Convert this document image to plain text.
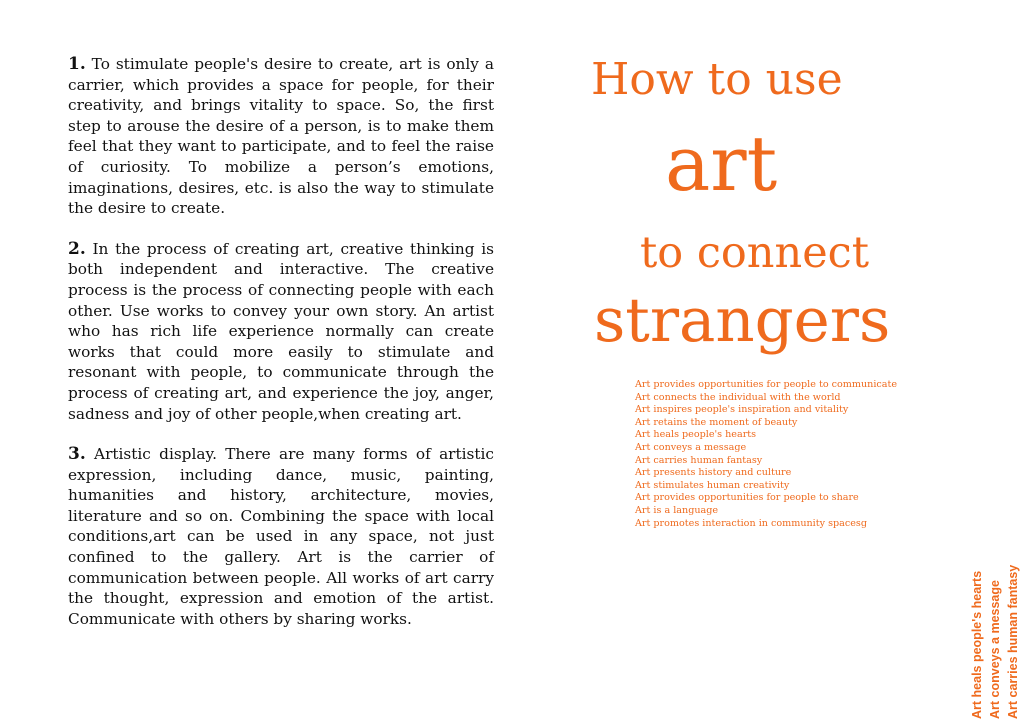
1. To stimulate people's desire to create, art is only a carrier, which provides a space for people, for their creativity, and brings vitality to space. So, the first step to arouse the desire of a person, is to make them feel that they want to participate, and to feel the raise of curiosity. To mobilize a person’s emotions, imaginations, desires, etc. is also the way to stimulate the desire to create.

2. In the process of creating art, creative thinking is both independent and interactive. The creative process is the process of connecting people with each other. Use works to convey your own story. An artist who has rich life experience normally can create works that could more easily to stimulate and resonant with people, to communicate through the process of creating art, and experience the joy, anger, sadness and joy of other people,when creating art.

3. Artistic display. There are many forms of artistic expression, including dance, music, painting, humanities and history, architecture, movies, literature and so on. Combining the space with local conditions,art can be used in any space, not just confined to the gallery. Art is the carrier of communication between people. All works of art carry the thought, expression and emotion of the artist. Communicate with others by sharing works.

How to use
art
to connect
strangers
Art provides opportunities for people to communicate
Art connects the individual with the world
Art inspires people's inspiration and vitality
Art retains the moment of beauty
Art heals people's hearts
Art conveys a message
Art carries human fantasy
Art presents history and culture
Art stimulates human creativity
Art provides opportunities for people to share
Art is a language
Art promotes interaction in community spacesg
Art heals people's hearts Art conveys a message Art carries human fantasy
